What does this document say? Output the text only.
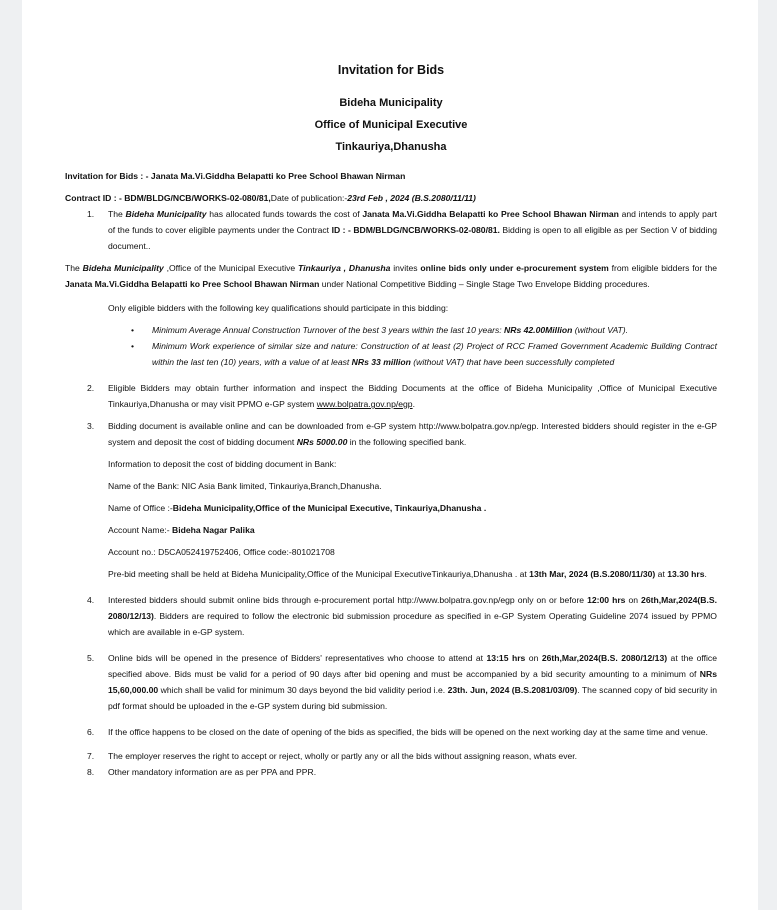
Invitation for Bids
Bideha Municipality
Office of Municipal Executive
Tinkauriya,Dhanusha

Invitation for Bids : - Janata Ma.Vi.Giddha Belapatti ko Pree School Bhawan Nirman

Contract ID : - BDM/BLDG/NCB/WORKS-02-080/81,Date of publication:-23rd Feb , 2024 (B.S.2080/11/11)

1.	The Bideha Municipality has allocated funds towards the cost of Janata Ma.Vi.Giddha Belapatti ko Pree School Bhawan Nirman and intends to apply part of the funds to cover eligible payments under the Contract ID : - BDM/BLDG/NCB/WORKS-02-080/81. Bidding is open to all eligible as per Section V of bidding document..

The Bideha Municipality ,Office of the Municipal Executive Tinkauriya , Dhanusha invites online bids only under e-procurement system from eligible bidders for the Janata Ma.Vi.Giddha Belapatti ko Pree School Bhawan Nirman under National Competitive Bidding – Single Stage Two Envelope Bidding procedures.

Only eligible bidders with the following key qualifications should participate in this bidding:

•	Minimum Average Annual Construction Turnover of the best 3 years within the last 10 years: NRs 42.00Million (without VAT).
•	Minimum Work experience of similar size and nature: Construction of at least (2) Project of RCC Framed Government Academic Building Contract within the last ten (10) years, with a value of at least NRs 33 million (without VAT) that have been successfully completed
2.	Eligible Bidders may obtain further information and inspect the Bidding Documents at the office of Bideha Municipality ,Office of Municipal Executive Tinkauriya,Dhanusha or may visit PPMO e-GP system www.bolpatra.gov.np/egp.
3.	Bidding document is available online and can be downloaded from e-GP system http://www.bolpatra.gov.np/egp. Interested bidders should register in the e-GP system and deposit the cost of bidding document NRs 5000.00 in the following specified bank.

Information to deposit the cost of bidding document in Bank:

Name of the Bank: NIC Asia Bank limited, Tinkauriya,Branch,Dhanusha.

Name of Office :-Bideha Municipality,Office of the Municipal Executive, Tinkauriya,Dhanusha .

Account Name:- Bideha Nagar Palika

Account no.: D5CA052419752406, Office code:-801021708

Pre-bid meeting shall be held at Bideha Municipality,Office of the Municipal ExecutiveTinkauriya,Dhanusha . at 13th Mar, 2024 (B.S.2080/11/30) at 13.30 hrs.

4.	Interested bidders should submit online bids through e-procurement portal http://www.bolpatra.gov.np/egp only on or before 12:00 hrs on 26th,Mar,2024(B.S. 2080/12/13). Bidders are required to follow the electronic bid submission procedure as specified in e-GP System Operating Guideline 2074 issued by PPMO which are available in e-GP system.
5.	Online bids will be opened in the presence of Bidders' representatives who choose to attend at 13:15 hrs on 26th,Mar,2024(B.S. 2080/12/13) at the office specified above. Bids must be valid for a period of 90 days after bid opening and must be accompanied by a bid security amounting to a minimum of NRs 15,60,000.00 which shall be valid for minimum 30 days beyond the bid validity period i.e. 23th. Jun, 2024 (B.S.2081/03/09). The scanned copy of bid security in pdf format should be uploaded in the e-GP system during bid submission.
6.	If the office happens to be closed on the date of opening of the bids as specified, the bids will be opened on the next working day at the same time and venue.
7.	The employer reserves the right to accept or reject, wholly or partly any or all the bids without assigning reason, whats ever.
8.	Other mandatory information are as per PPA and PPR.
